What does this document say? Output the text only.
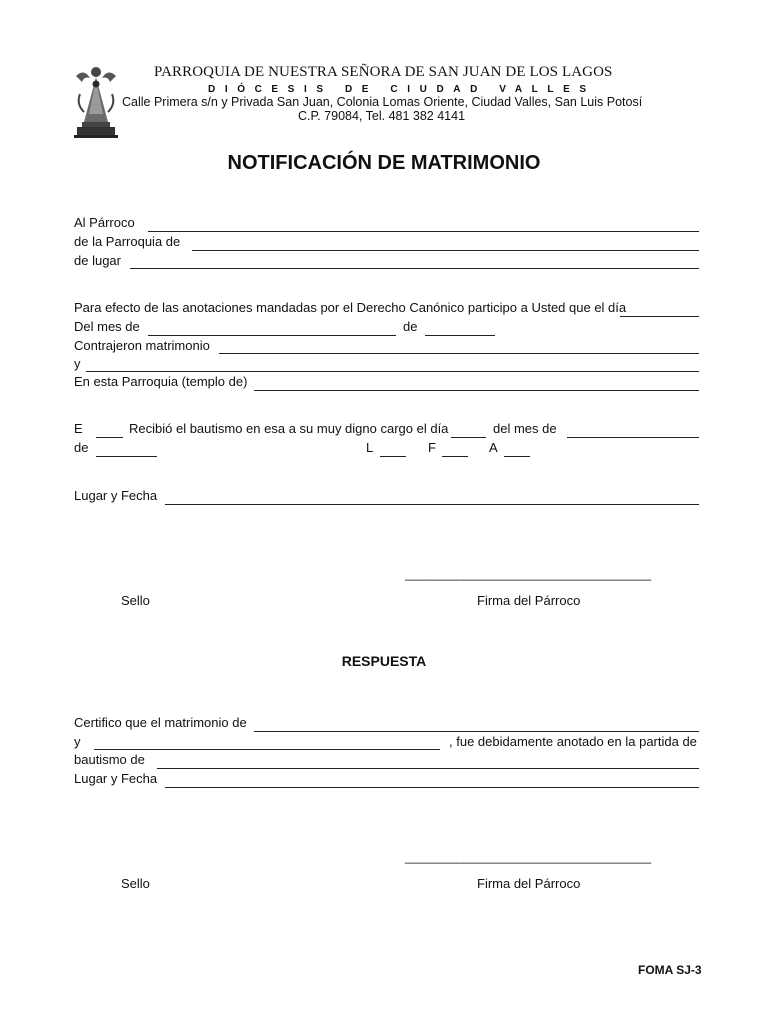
PARROQUIA DE NUESTRA SEÑORA DE SAN JUAN DE LOS LAGOS
DIÓCESIS DE CIUDAD VALLES
Calle Primera s/n y Privada San Juan, Colonia Lomas Oriente, Ciudad Valles, San Luis Potosí
C.P. 79084, Tel. 481 382 4141
NOTIFICACIÓN DE MATRIMONIO
Al Párroco
de la Parroquia de
de lugar
Para efecto de las anotaciones mandadas por el Derecho Canónico participo a Usted que el día
Del mes de	de
Contrajeron matrimonio
y
En esta Parroquia (templo de)
E	Recibió el bautismo en esa a su muy digno cargo el día	del mes de
de	L	F	A
Lugar y Fecha
______________________________________
Sello	Firma del Párroco
RESPUESTA
Certifico que el matrimonio de
y	, fue debidamente anotado en la partida de
bautismo de
Lugar y Fecha
______________________________________
Sello	Firma del Párroco
FOMA SJ-3
